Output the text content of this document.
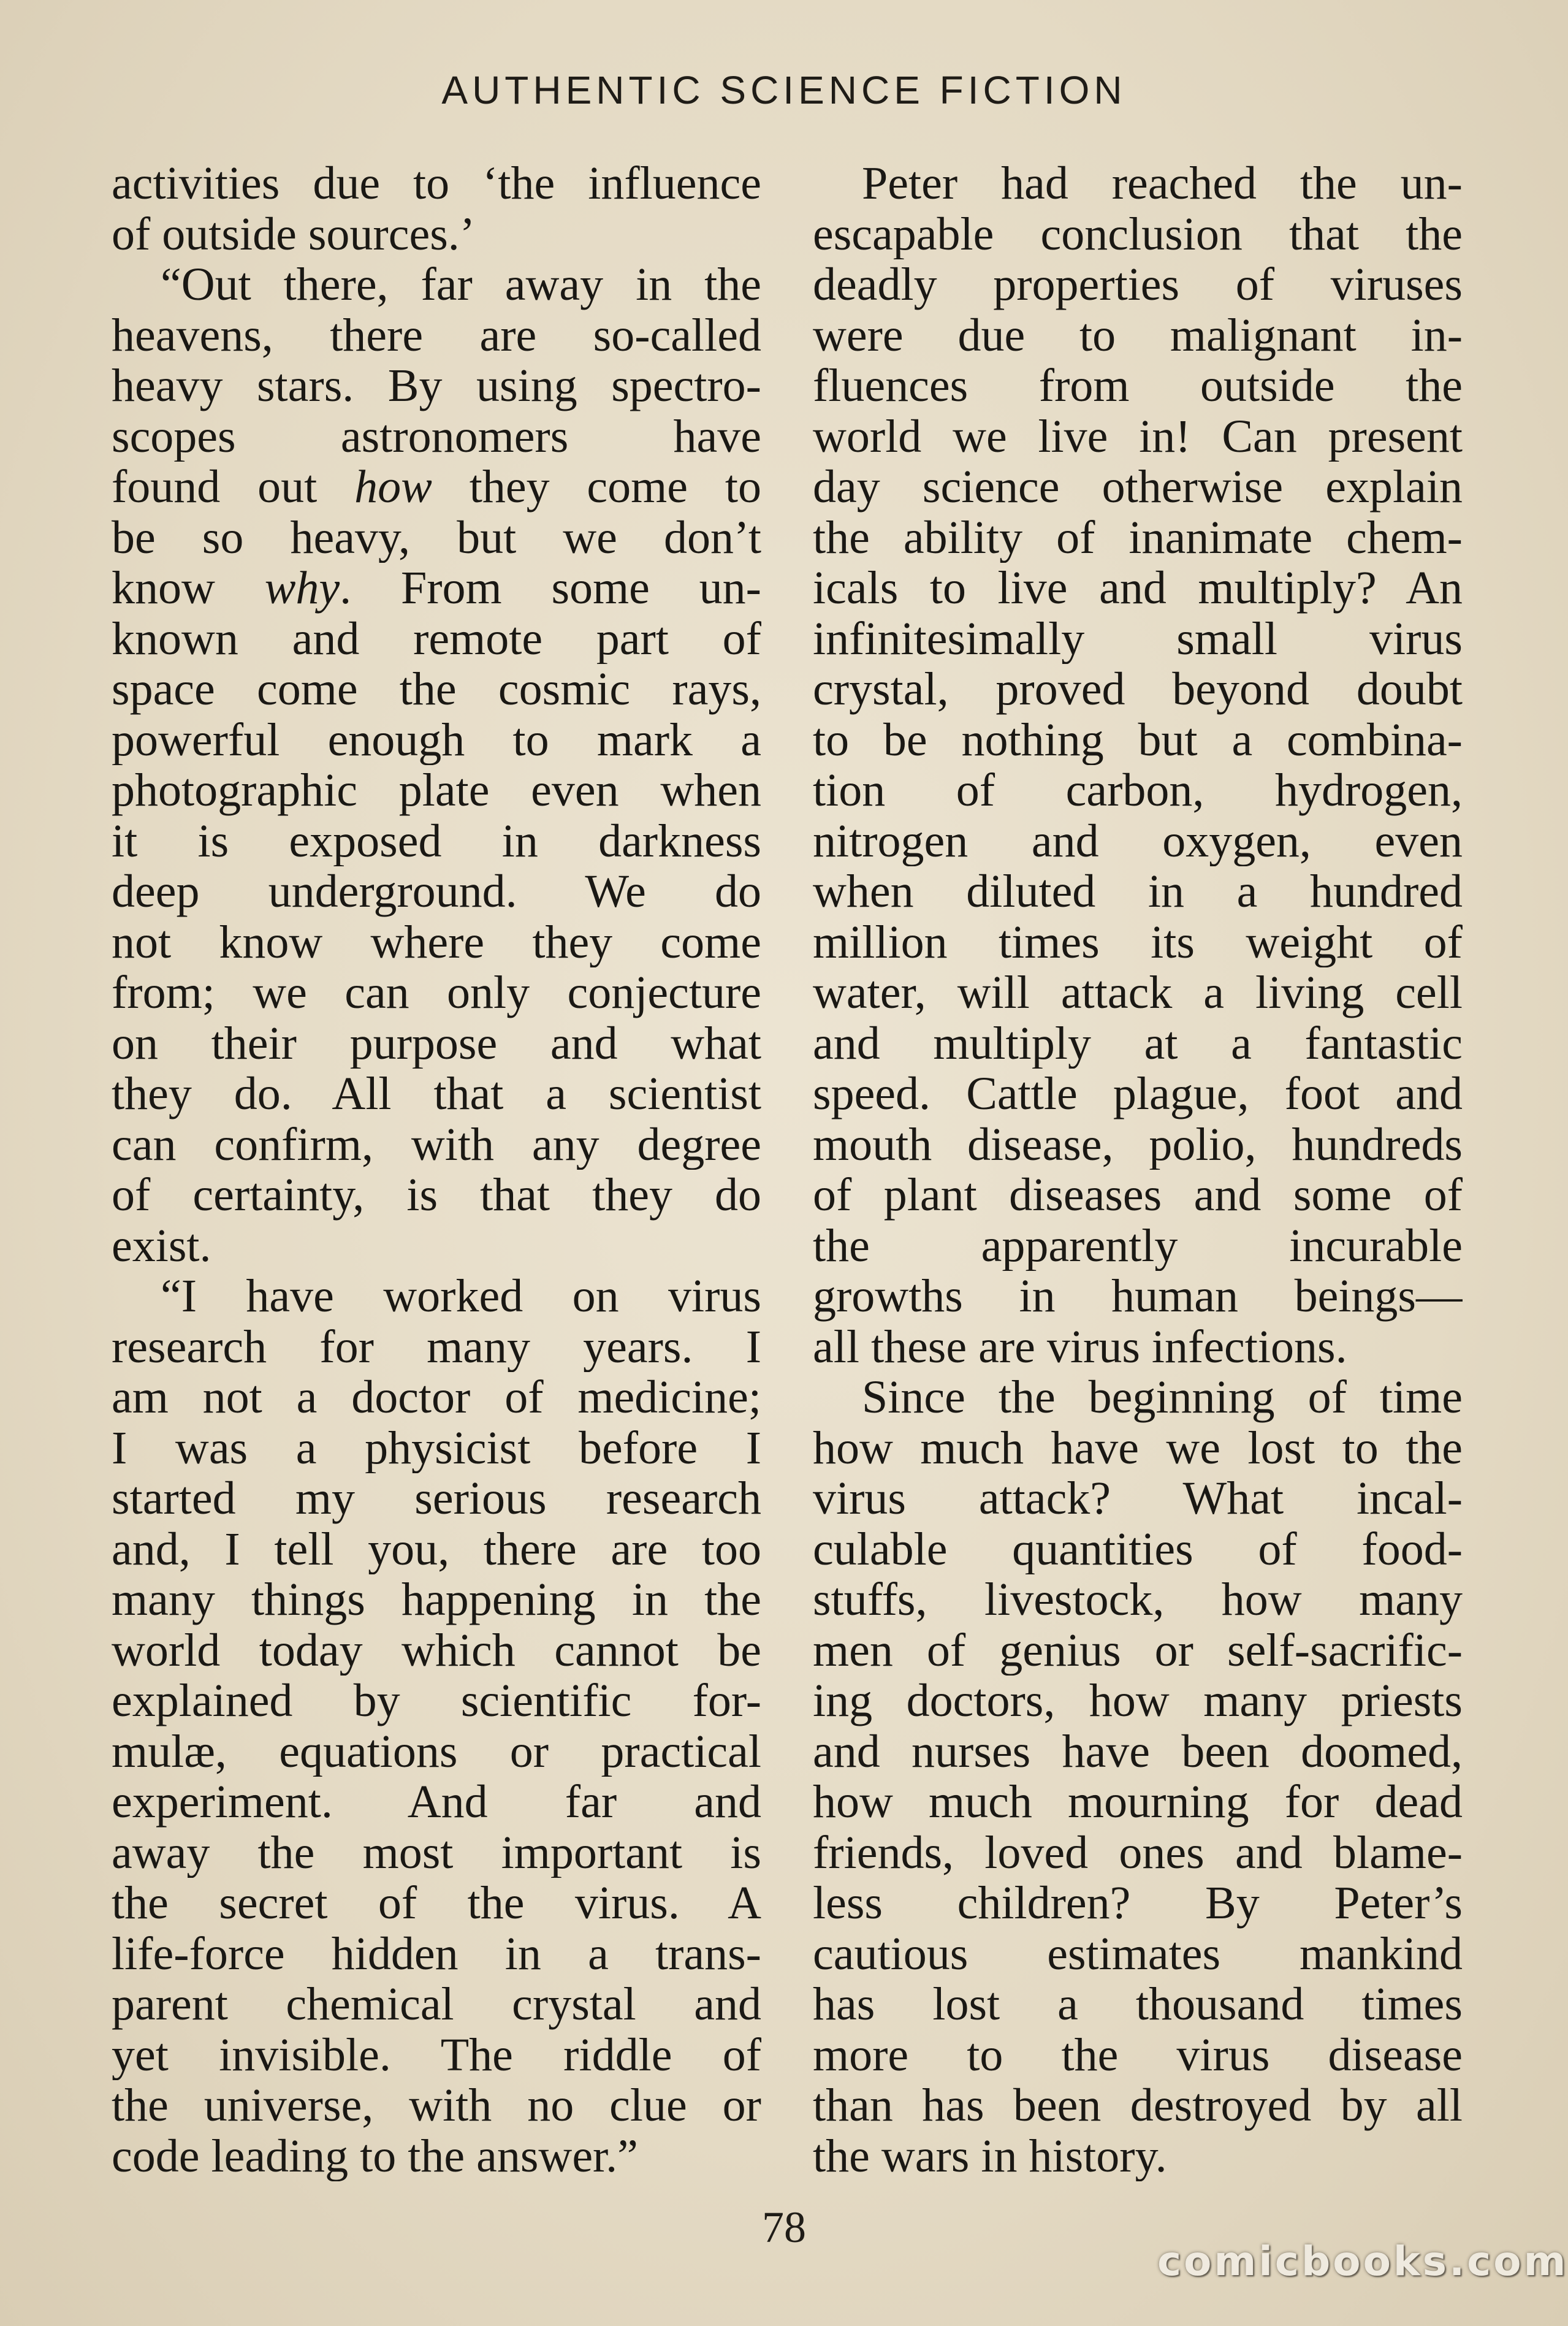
AUTHENTIC SCIENCE FICTION
activities due to ‘the influence
of outside sources.’
“Out there, far away in the
heavens, there are so-called
heavy stars. By using spectro-
scopes astronomers have
found out how they come to
be so heavy, but we don’t
know why. From some un-
known and remote part of
space come the cosmic rays,
powerful enough to mark a
photographic plate even when
it is exposed in darkness
deep underground. We do
not know where they come
from; we can only conjecture
on their purpose and what
they do. All that a scientist
can confirm, with any degree
of certainty, is that they do
exist.
“I have worked on virus
research for many years. I
am not a doctor of medicine;
I was a physicist before I
started my serious research
and, I tell you, there are too
many things happening in the
world today which cannot be
explained by scientific for-
mulæ, equations or practical
experiment. And far and
away the most important is
the secret of the virus. A
life-force hidden in a trans-
parent chemical crystal and
yet invisible. The riddle of
the universe, with no clue or
code leading to the answer.”
Peter had reached the un-
escapable conclusion that the
deadly properties of viruses
were due to malignant in-
fluences from outside the
world we live in! Can present
day science otherwise explain
the ability of inanimate chem-
icals to live and multiply? An
infinitesimally small virus
crystal, proved beyond doubt
to be nothing but a combina-
tion of carbon, hydrogen,
nitrogen and oxygen, even
when diluted in a hundred
million times its weight of
water, will attack a living cell
and multiply at a fantastic
speed. Cattle plague, foot and
mouth disease, polio, hundreds
of plant diseases and some of
the apparently incurable
growths in human beings—
all these are virus infections.
Since the beginning of time
how much have we lost to the
virus attack? What incal-
culable quantities of food-
stuffs, livestock, how many
men of genius or self-sacrific-
ing doctors, how many priests
and nurses have been doomed,
how much mourning for dead
friends, loved ones and blame-
less children? By Peter’s
cautious estimates mankind
has lost a thousand times
more to the virus disease
than has been destroyed by all
the wars in history.
78
comicbooks.com
